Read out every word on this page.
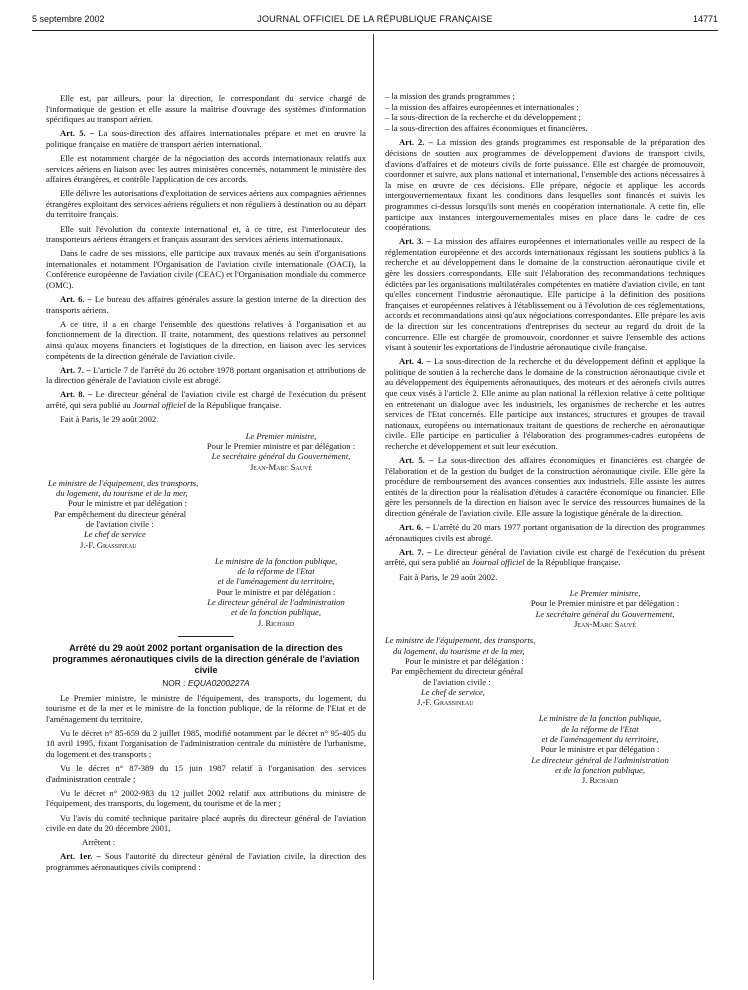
5 septembre 2002	JOURNAL OFFICIEL DE LA RÉPUBLIQUE FRANÇAISE	14771

Elle est, par ailleurs, pour la direction, le correspondant du service chargé de l'informatique de gestion et elle assure la maîtrise d'ouvrage des systèmes d'information spécifiques au transport aérien.

Art. 5. – La sous-direction des affaires internationales prépare et met en œuvre la politique française en matière de transport aérien international.

Elle est notamment chargée de la négociation des accords internationaux relatifs aux services aériens en liaison avec les autres ministères concernés, notamment le ministère des affaires étrangères, et contrôle l'application de ces accords.

Elle délivre les autorisations d'exploitation de services aériens aux compagnies aériennes étrangères exploitant des services aériens réguliers et non réguliers à destination ou au départ du territoire français.

Elle suit l'évolution du contexte international et, à ce titre, est l'interlocuteur des transporteurs aériens étrangers et français assurant des services aériens internationaux.

Dans le cadre de ses missions, elle participe aux travaux menés au sein d'organisations internationales et notamment l'Organisation de l'aviation civile internationale (OACI), la Conférence européenne de l'aviation civile (CEAC) et l'Organisation mondiale du commerce (OMC).

Art. 6. – Le bureau des affaires générales assure la gestion interne de la direction des transports aériens.

A ce titre, il a en charge l'ensemble des questions relatives à l'organisation et au fonctionnement de la direction. Il traite, notamment, des questions relatives au personnel ainsi qu'aux moyens financiers et logistiques de la direction, en liaison avec les services compétents de la direction générale de l'aviation civile.

Art. 7. – L'article 7 de l'arrêté du 26 octobre 1978 portant organisation et attributions de la direction générale de l'aviation civile est abrogé.

Art. 8. – Le directeur général de l'aviation civile est chargé de l'exécution du présent arrêté, qui sera publié au Journal officiel de la République française.

Fait à Paris, le 29 août 2002.

Le Premier ministre,
Pour le Premier ministre et par délégation :
Le secrétaire général du Gouvernement,
Jean-Marc Sauvé
Le ministre de l'équipement, des transports,
du logement, du tourisme et de la mer,
Pour le ministre et par délégation :
Par empêchement du directeur général
de l'aviation civile :
Le chef de service
J.-F. Grassineau
Le ministre de la fonction publique,
de la réforme de l'Etat
et de l'aménagement du territoire,
Pour le ministre et par délégation :
Le directeur général de l'administration
et de la fonction publique,
J. Richard
Arrêté du 29 août 2002 portant organisation de la direction des programmes aéronautiques civils de la direction générale de l'aviation civile
NOR : EQUA0200227A

Le Premier ministre, le ministre de l'équipement, des transports, du logement, du tourisme et de la mer et le ministre de la fonction publique, de la réforme de l'Etat et de l'aménagement du territoire,

Vu le décret n° 85-659 du 2 juillet 1985, modifié notamment par le décret n° 95-405 du 18 avril 1995, fixant l'organisation de l'administration centrale du ministère de l'urbanisme, du logement et des transports ;

Vu le décret n° 87-389 du 15 juin 1987 relatif à l'organisation des services d'administration centrale ;

Vu le décret n° 2002-983 du 12 juillet 2002 relatif aux attributions du ministre de l'équipement, des transports, du logement, du tourisme et de la mer ;

Vu l'avis du comité technique paritaire placé auprès du directeur général de l'aviation civile en date du 20 décembre 2001,

Arrêtent :

Art. 1er. – Sous l'autorité du directeur général de l'aviation civile, la direction des programmes aéronautiques civils comprend :

– la mission des grands programmes ;
– la mission des affaires européennes et internationales ;
– la sous-direction de la recherche et du développement ;
– la sous-direction des affaires économiques et financières.

Art. 2. – La mission des grands programmes est responsable de la préparation des décisions de soutien aux programmes de développement d'avions de transport civils, d'avions d'affaires et de moteurs civils de forte puissance. Elle est chargée de promouvoir, coordonner et suivre, aux plans national et international, l'ensemble des actions nécessaires à la mise en œuvre de ces décisions. Elle prépare, négocie et applique les accords intergouvernementaux fixant les conditions dans lesquelles sont financés et suivis les programmes ci-dessus lorsqu'ils sont menés en coopération internationale. A cette fin, elle participe aux instances intergouvernementales mises en place dans le cadre de ces coopérations.

Art. 3. – La mission des affaires européennes et internationales veille au respect de la réglementation européenne et des accords internationaux régissant les soutiens publics à la recherche et au développement dans le domaine de la construction aéronautique civile et gère les dossiers correspondants. Elle suit l'élaboration des recommandations techniques édictées par les organisations multilatérales compétentes en matière d'aviation civile, en tant qu'elles concernent l'industrie aéronautique. Elle participe à la définition des positions françaises et européennes relatives à l'établissement ou à l'évolution de ces réglementations, accords et recommandations ainsi qu'aux négociations correspondantes. Elle prépare les avis de la direction sur les concentrations d'entreprises du secteur au regard du droit de la concurrence. Elle est chargée de promouvoir, coordonner et suivre l'ensemble des actions visant à soutenir les exportations de l'industrie aéronautique civile française.

Art. 4. – La sous-direction de la recherche et du développement définit et applique la politique de soutien à la recherche dans le domaine de la construction aéronautique civile et au développement des équipements aéronautiques, des moteurs et des aéronefs civils autres que ceux visés à l'article 2. Elle anime au plan national la réflexion relative à cette politique en entretenant un dialogue avec les industriels, les organismes de recherche et les autres services de l'Etat concernés. Elle participe aux instances, structures et groupes de travail nationaux, européens ou internationaux traitant de questions de recherche en aéronautique civile. Elle participe en particulier à l'élaboration des programmes-cadres européens de recherche et développement et suit leur exécution.

Art. 5. – La sous-direction des affaires économiques et financières est chargée de l'élaboration et de la gestion du budget de la construction aéronautique civile. Elle gère la procédure de remboursement des avances consenties aux industriels. Elle assiste les autres entités de la direction pour la réalisation d'études à caractère économique ou financier. Elle gère les personnels de la direction en liaison avec le service des ressources humaines de la direction générale de l'aviation civile. Elle assure la logistique générale de la direction.

Art. 6. – L'arrêté du 20 mars 1977 portant organisation de la direction des programmes aéronautiques civils est abrogé.

Art. 7. – Le directeur général de l'aviation civile est chargé de l'exécution du présent arrêté, qui sera publié au Journal officiel de la République française.

Fait à Paris, le 29 août 2002.

Le Premier ministre,
Pour le Premier ministre et par délégation :
Le secrétaire général du Gouvernement,
Jean-Marc Sauvé
Le ministre de l'équipement, des transports,
du logement, du tourisme et de la mer,
Pour le ministre et par délégation :
Par empêchement du directeur général
de l'aviation civile :
Le chef de service,
J.-F. Grassineau
Le ministre de la fonction publique,
de la réforme de l'Etat
et de l'aménagement du territoire,
Pour le ministre et par délégation :
Le directeur général de l'administration
et de la fonction publique,
J. Richard
